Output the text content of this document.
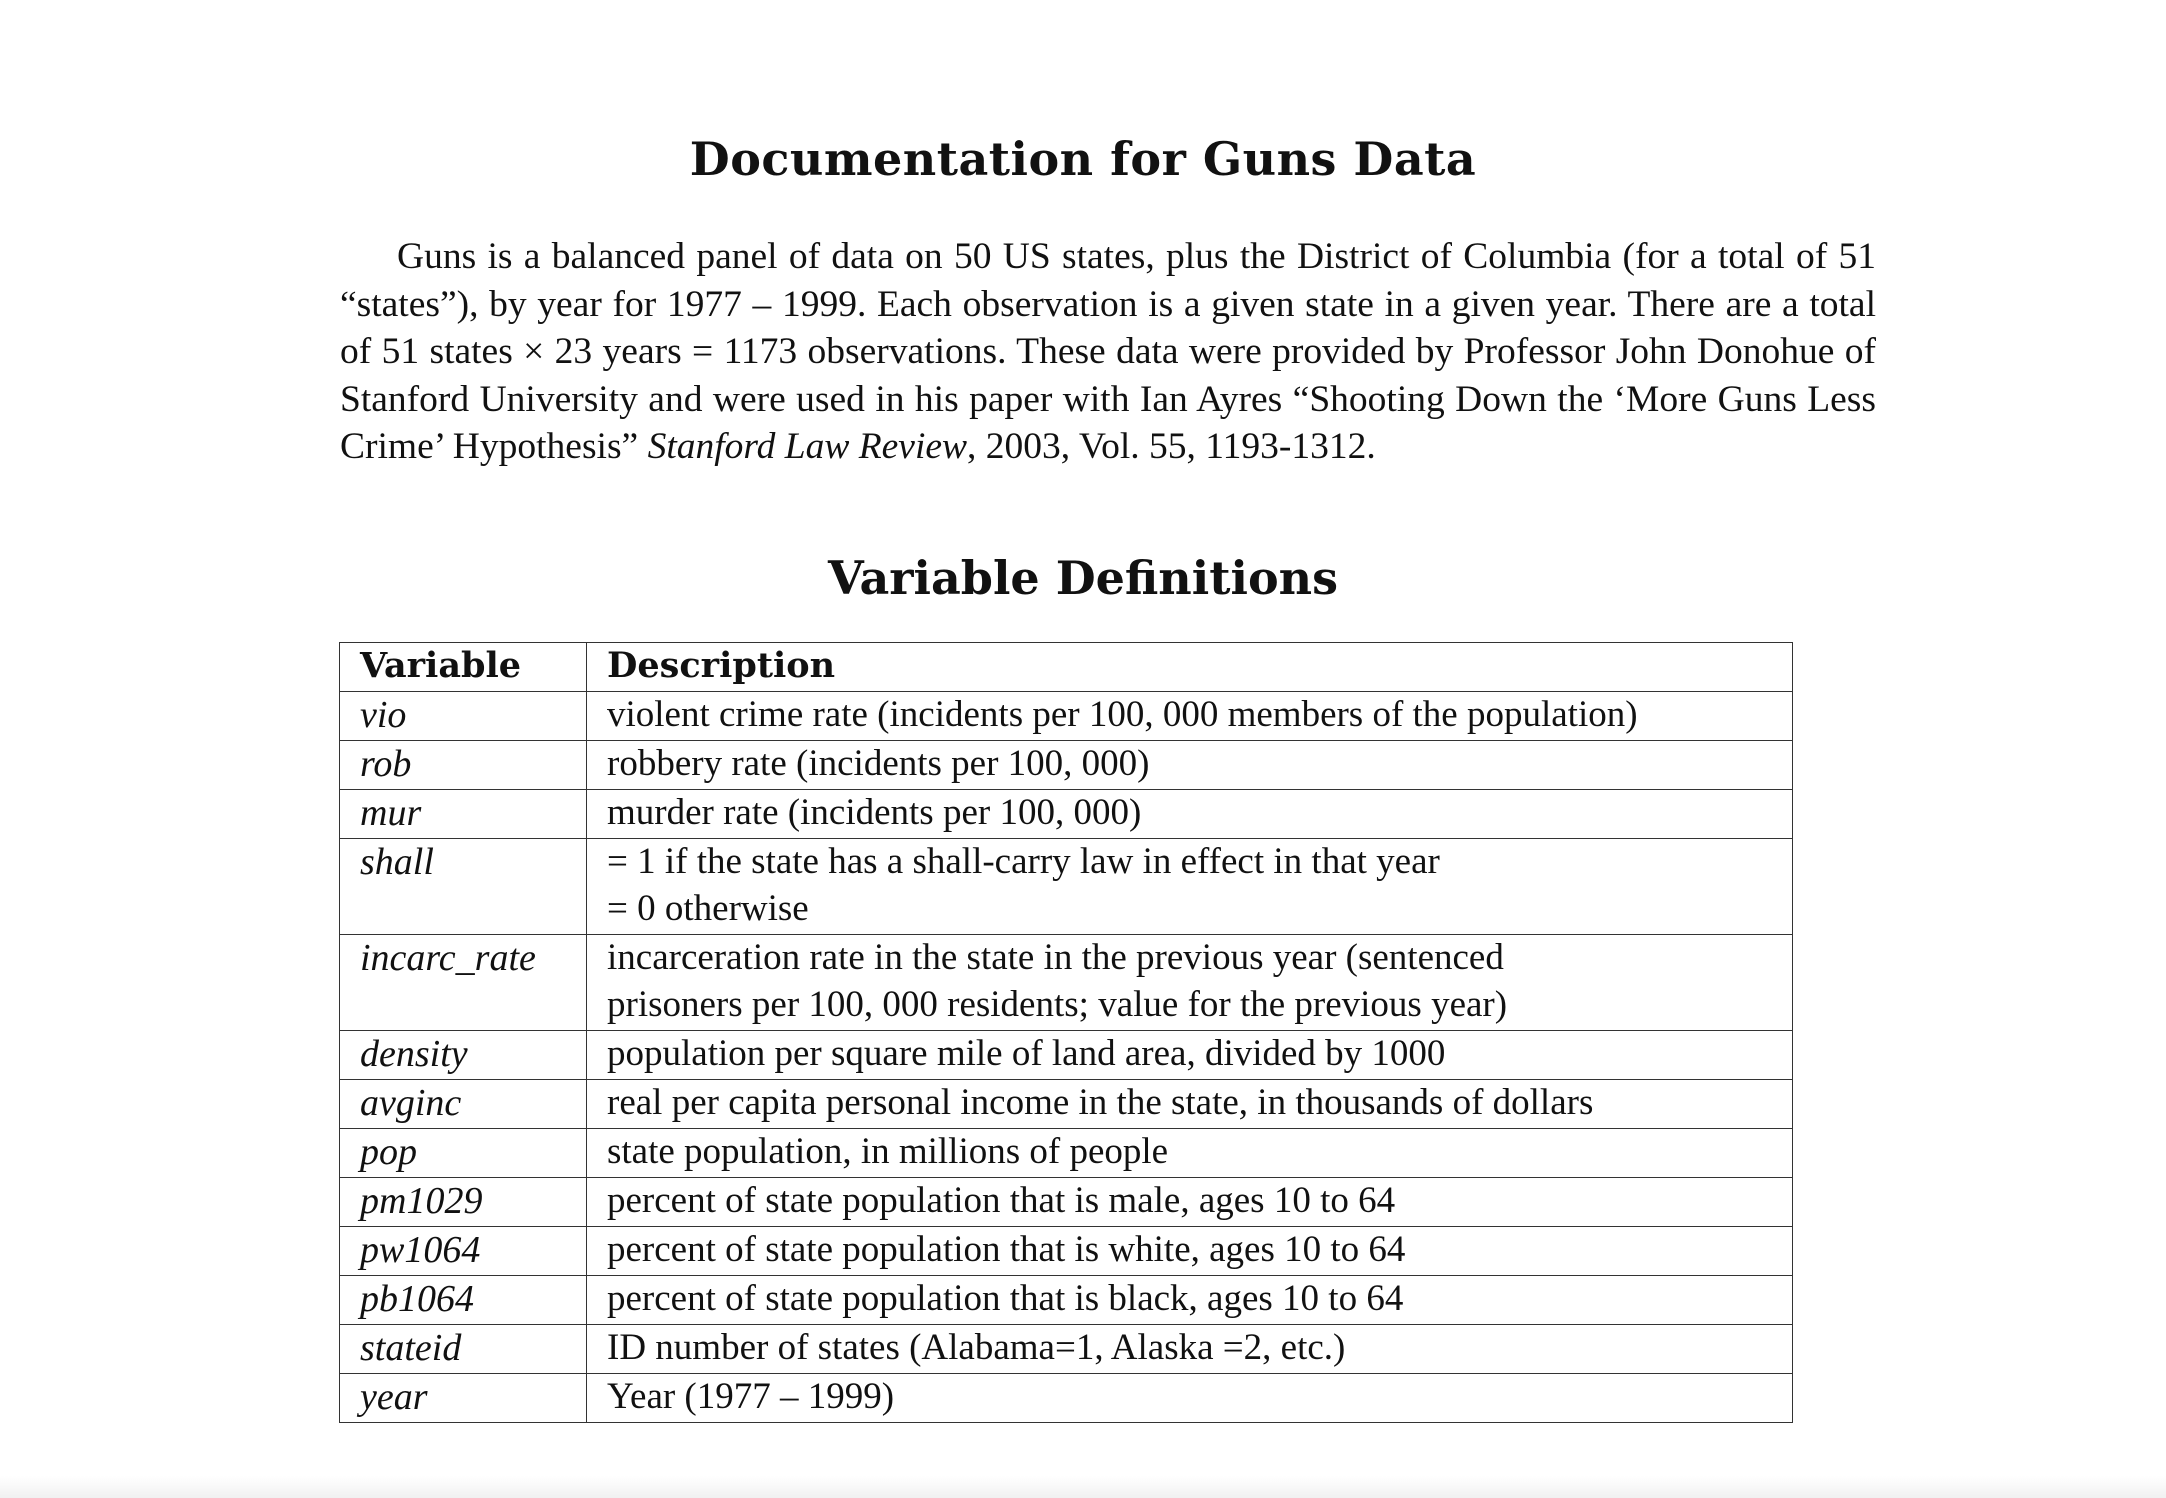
Documentation for Guns Data

Guns is a balanced panel of data on 50 US states, plus the District of Columbia (for a total of 51 “states”), by year for 1977 – 1999. Each observation is a given state in a given year. There are a total of 51 states × 23 years = 1173 observations. These data were provided by Professor John Donohue of Stanford University and were used in his paper with Ian Ayres “Shooting Down the ‘More Guns Less Crime’ Hypothesis” Stanford Law Review, 2003, Vol. 55, 1193-1312.

Variable Definitions
Variable	Description
vio	violent crime rate (incidents per 100, 000 members of the population)

rob	robbery rate (incidents per 100, 000)

mur	murder rate (incidents per 100, 000)

shall	= 1 if the state has a shall-carry law in effect in that year
= 0 otherwise

incarc_rate	incarceration rate in the state in the previous year (sentenced
prisoners per 100, 000 residents; value for the previous year)

density	population per square mile of land area, divided by 1000

avginc	real per capita personal income in the state, in thousands of dollars

pop	state population, in millions of people

pm1029	percent of state population that is male, ages 10 to 64

pw1064	percent of state population that is white, ages 10 to 64

pb1064	percent of state population that is black, ages 10 to 64

stateid	ID number of states (Alabama=1, Alaska =2, etc.)

year	Year (1977 – 1999)
